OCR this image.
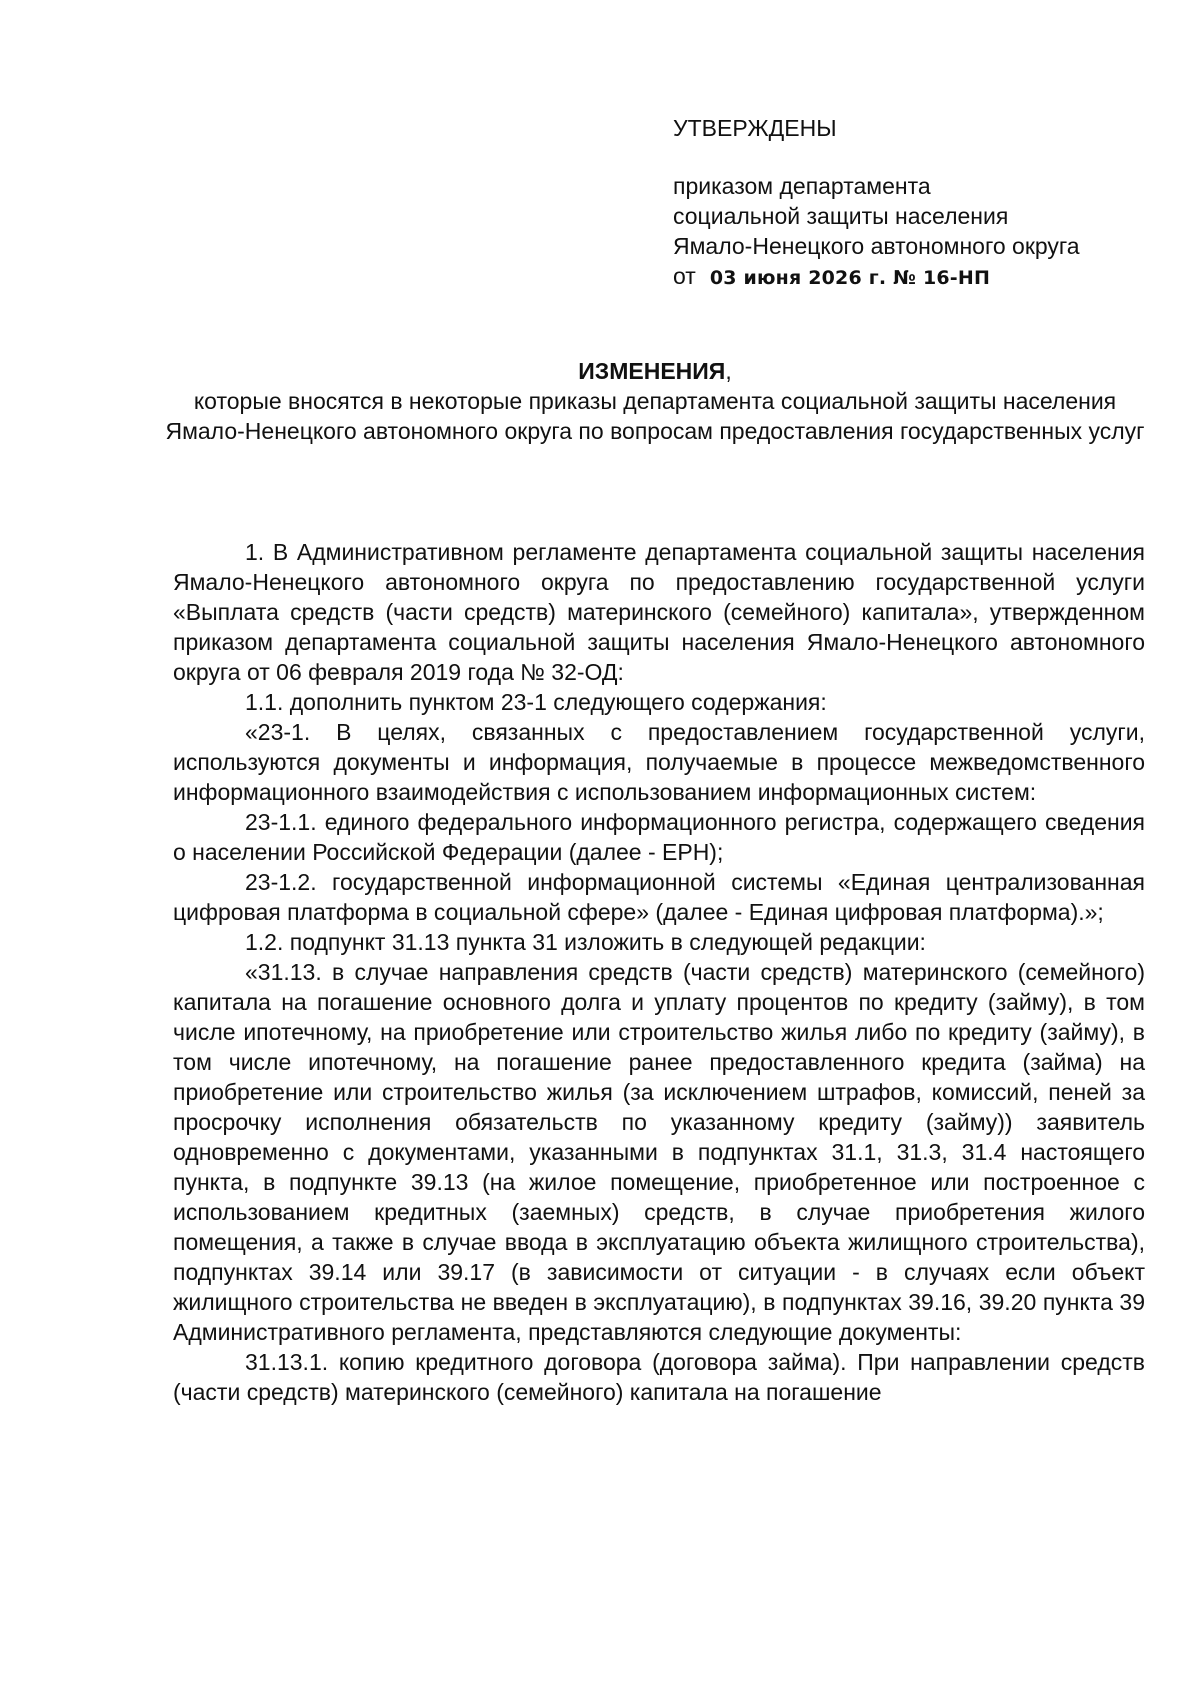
УТВЕРЖДЕНЫ
приказом департамента
социальной защиты населения
Ямало-Ненецкого автономного округа
от 03 июня 2026 г. № 16-НП
ИЗМЕНЕНИЯ,
которые вносятся в некоторые приказы департамента социальной защиты населения Ямало-Ненецкого автономного округа по вопросам предоставления государственных услуг

1. В Административном регламенте департамента социальной защиты населения Ямало-Ненецкого автономного округа по предоставлению государственной услуги «Выплата средств (части средств) материнского (семейного) капитала», утвержденном приказом департамента социальной защиты населения Ямало-Ненецкого автономного округа от 06 февраля 2019 года № 32-ОД:

1.1. дополнить пунктом 23-1 следующего содержания:

«23-1. В целях, связанных с предоставлением государственной услуги, используются документы и информация, получаемые в процессе межведомственного информационного взаимодействия с использованием информационных систем:

23-1.1. единого федерального информационного регистра, содержащего сведения о населении Российской Федерации (далее - ЕРН);

23-1.2. государственной информационной системы «Единая централизованная цифровая платформа в социальной сфере» (далее - Единая цифровая платформа).»;

1.2. подпункт 31.13 пункта 31 изложить в следующей редакции:

«31.13. в случае направления средств (части средств) материнского (семейного) капитала на погашение основного долга и уплату процентов по кредиту (займу), в том числе ипотечному, на приобретение или строительство жилья либо по кредиту (займу), в том числе ипотечному, на погашение ранее предоставленного кредита (займа) на приобретение или строительство жилья (за исключением штрафов, комиссий, пеней за просрочку исполнения обязательств по указанному кредиту (займу)) заявитель одновременно с документами, указанными в подпунктах 31.1, 31.3, 31.4 настоящего пункта, в подпункте 39.13 (на жилое помещение, приобретенное или построенное с использованием кредитных (заемных) средств, в случае приобретения жилого помещения, а также в случае ввода в эксплуатацию объекта жилищного строительства), подпунктах 39.14 или 39.17 (в зависимости от ситуации - в случаях если объект жилищного строительства не введен в эксплуатацию), в подпунктах 39.16, 39.20 пункта 39 Административного регламента, представляются следующие документы:

31.13.1. копию кредитного договора (договора займа). При направлении средств (части средств) материнского (семейного) капитала на погашение
